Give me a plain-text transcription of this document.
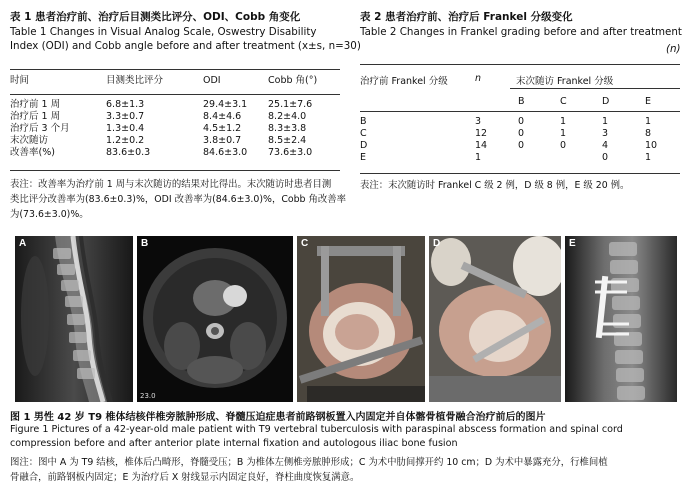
表 1 患者治疗前、治疗后目测类比评分、ODI、Cobb 角变化
Table 1 Changes in Visual Analog Scale, Oswestry Disability
Index (ODI) and Cobb angle before and after treatment (x±s, n=30)
时间	目测类比评分	ODI	Cobb 角(°)
治疗前 1 周	6.8±1.3	29.4±3.1	25.1±7.6
治疗后 1 周	3.3±0.7	8.4±4.6	8.2±4.0
治疗后 3 个月	1.3±0.4	4.5±1.2	8.3±3.8
末次随访	1.2±0.2	3.8±0.7	8.5±2.4
改善率(%)	83.6±0.3	84.6±3.0	73.6±3.0
表注：改善率为治疗前 1 周与末次随访的结果对比得出。末次随访时患者目测
类比评分改善率为(83.6±0.3)%，ODI 改善率为(84.6±3.0)%，Cobb 角改善率
为(73.6±3.0)%。
表 2 患者治疗前、治疗后 Frankel 分级变化
Table 2 Changes in Frankel grading before and after treatment
(n)
治疗前 Frankel 分级	n	末次随访 Frankel 分级
B	C	D	E
B	3	0	1	1	1
C	12	0	1	3	8
D	14	0	0	4	10
E	1			0	1
表注：末次随访时 Frankel C 级 2 例，D 级 8 例，E 级 20 例。
A	B
23.0
C	D	E
图 1 男性 42 岁 T9 椎体结核伴椎旁脓肿形成、脊髓压迫症患者前路钢板置入内固定并自体髂骨植骨融合治疗前后的图片
Figure 1 Pictures of a 42-year-old male patient with T9 vertebral tuberculosis with paraspinal abscess formation and spinal cord
compression before and after anterior plate internal fixation and autologous iliac bone fusion
图注：图中 A 为 T9 结核，椎体后凸畸形，脊髓受压；B 为椎体左侧椎旁脓肿形成；C 为术中肋间撑开约 10 cm；D 为术中暴露充分，行椎间植
骨融合，前路钢板内固定；E 为治疗后 X 射线显示内固定良好，脊柱曲度恢复满意。
